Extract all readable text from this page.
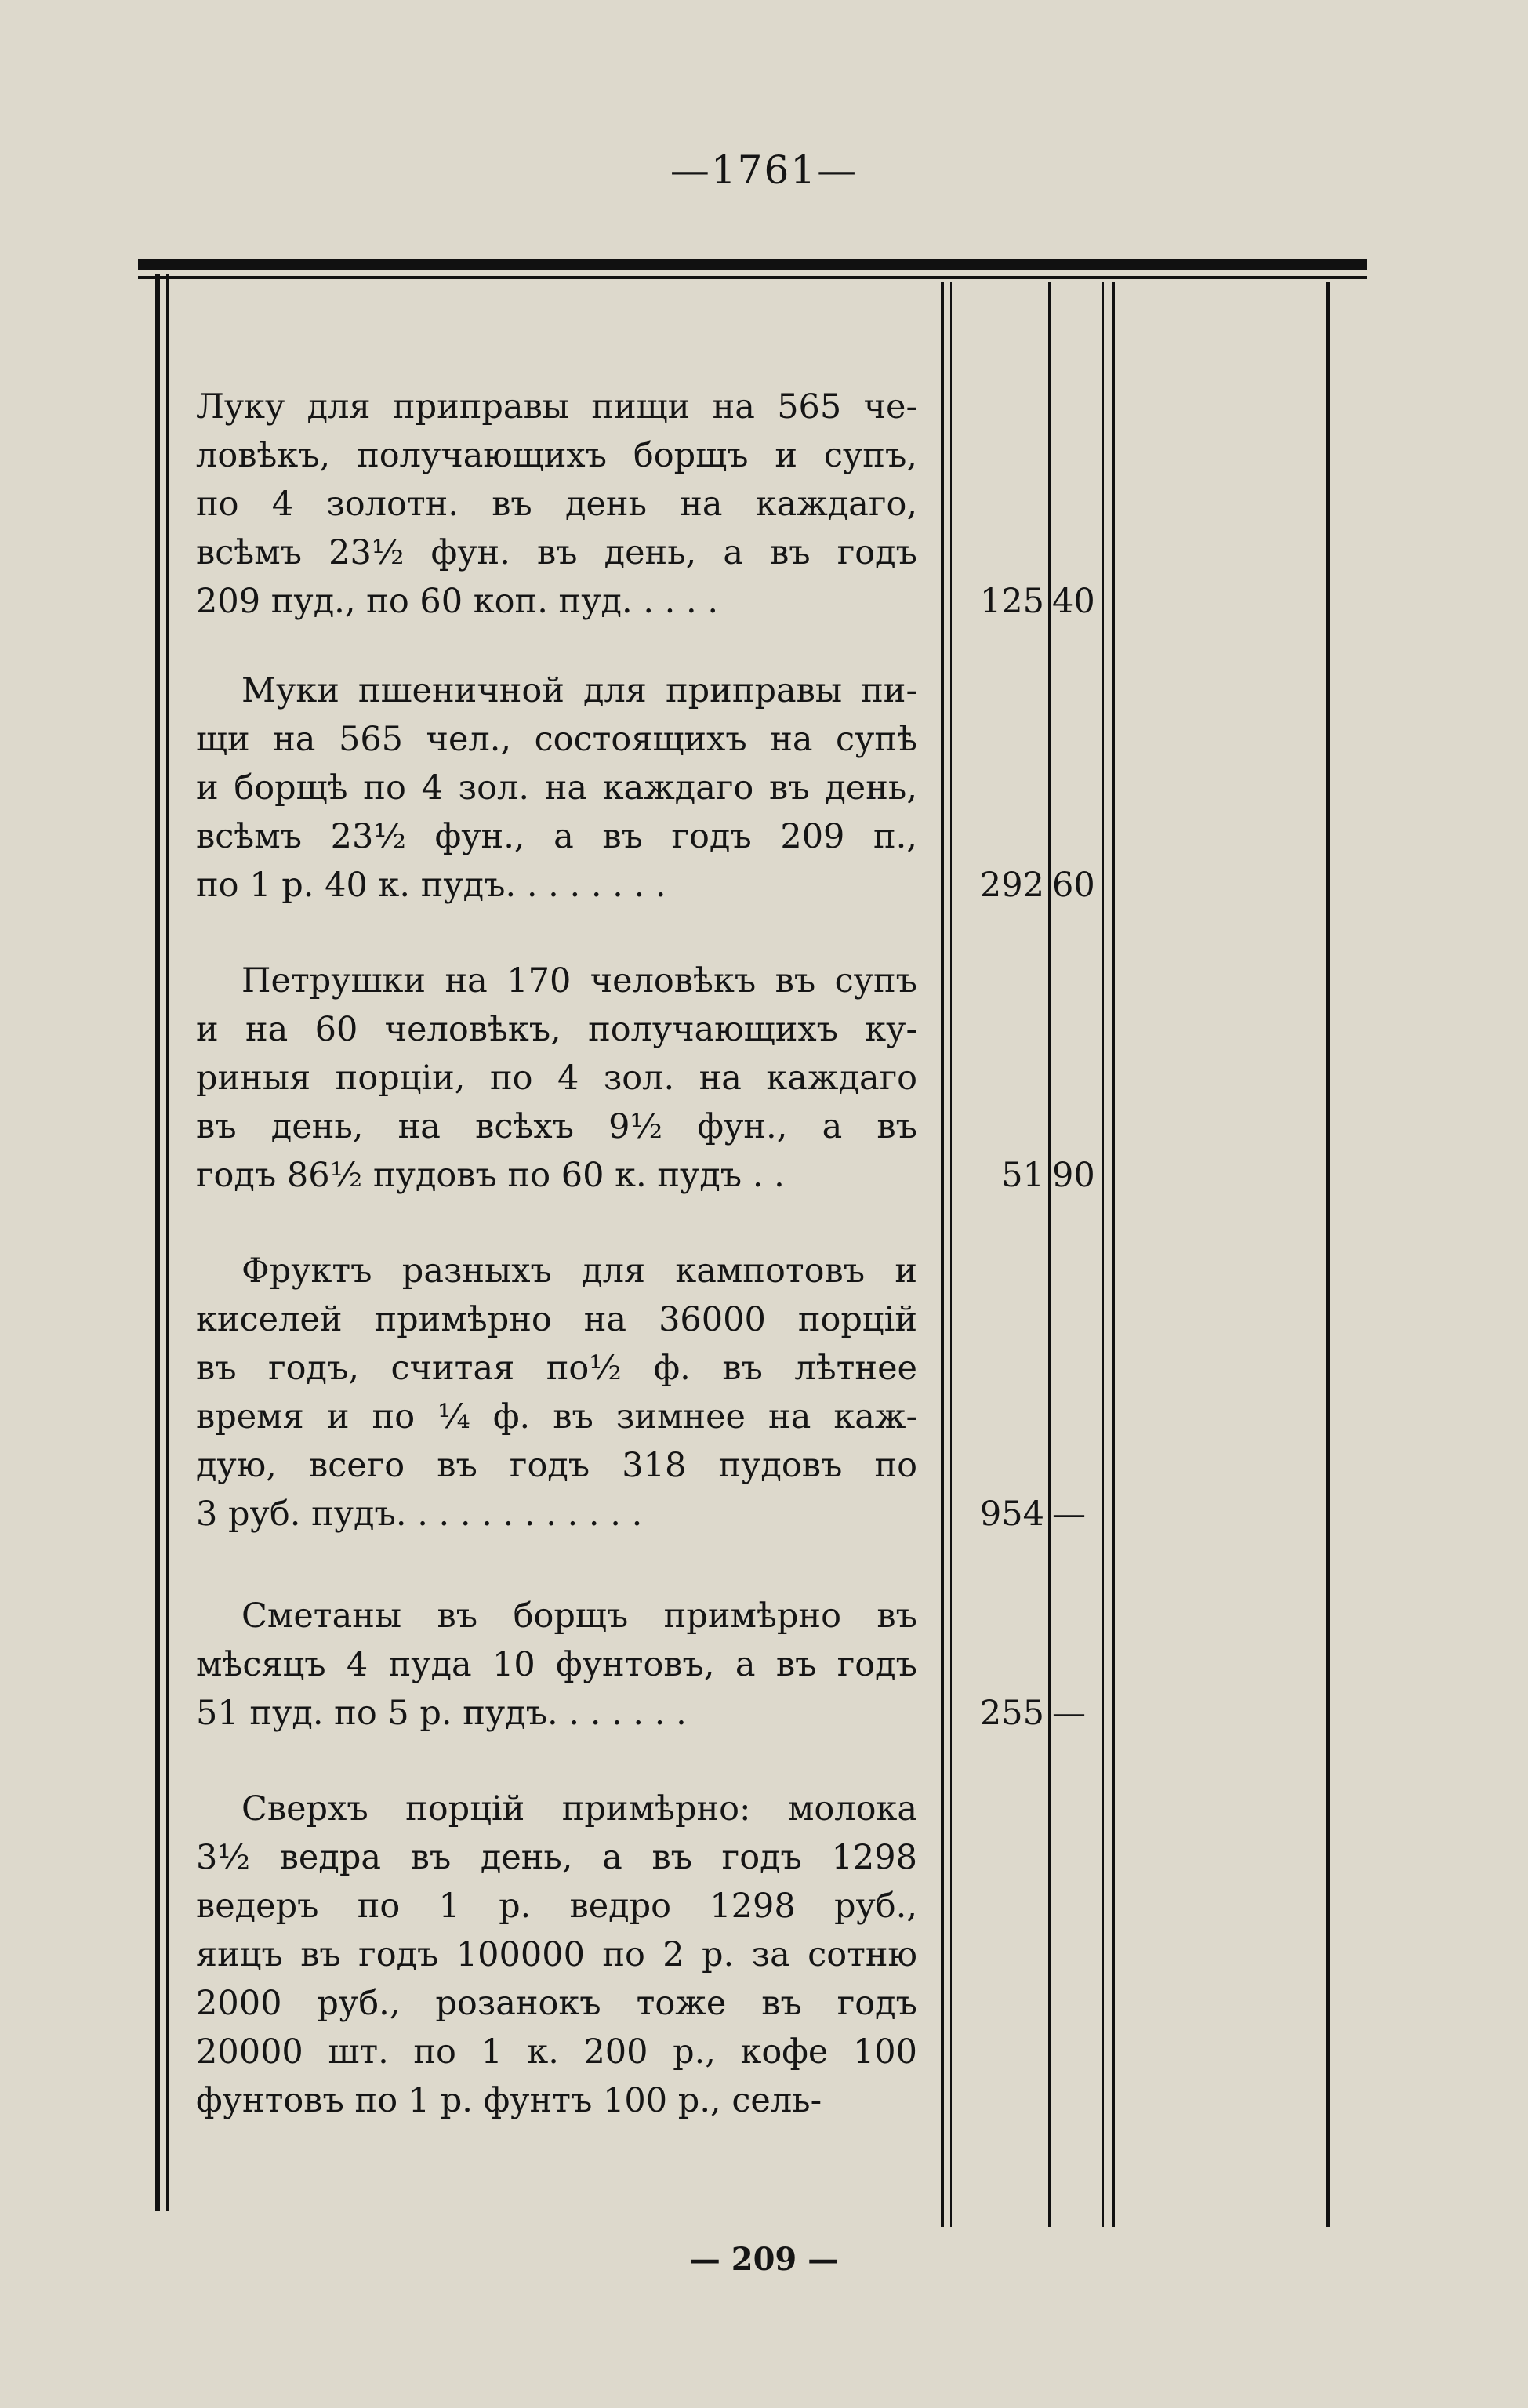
—1761—
Луку для приправы пищи на 565 че-
ловѣкъ, получающихъ борщъ и супъ,
по 4 золотн. въ день на каждаго,
всѣмъ 23½ фун. въ день, а въ годъ
209 пуд., по 60 коп. пуд. . . . .	125 40
Муки пшеничной для приправы пи-
щи на 565 чел., состоящихъ на супѣ
и борщѣ по 4 зол. на каждаго въ день,
всѣмъ 23½ фун., а въ годъ 209 п.,
по 1 р. 40 к. пудъ. . . . . . . .	292 60
Петрушки на 170 человѣкъ въ супъ
и на 60 человѣкъ, получающихъ ку-
риныя порціи, по 4 зол. на каждаго
въ день, на всѣхъ 9½ фун., а въ
годъ 86½ пудовъ по 60 к. пудъ . .	51 90
Фруктъ разныхъ для кампотовъ и
киселей примѣрно на 36000 порцій
въ годъ, считая по½ ф. въ лѣтнее
время и по ¼ ф. въ зимнее на каж-
дую, всего въ годъ 318 пудовъ по
3 руб. пудъ. . . . . . . . . . . .	954 —
Сметаны въ борщъ примѣрно въ
мѣсяцъ 4 пуда 10 фунтовъ, а въ годъ
51 пуд. по 5 р. пудъ. . . . . . .	255 —
Сверхъ порцій примѣрно: молока
3½ ведра въ день, а въ годъ 1298
ведеръ по 1 р. ведро 1298 руб.,
яицъ въ годъ 100000 по 2 р. за сотню
2000 руб., розанокъ тоже въ годъ
20000 шт. по 1 к. 200 р., кофе 100
фунтовъ по 1 р. фунтъ 100 р., сель-
— 209 —
